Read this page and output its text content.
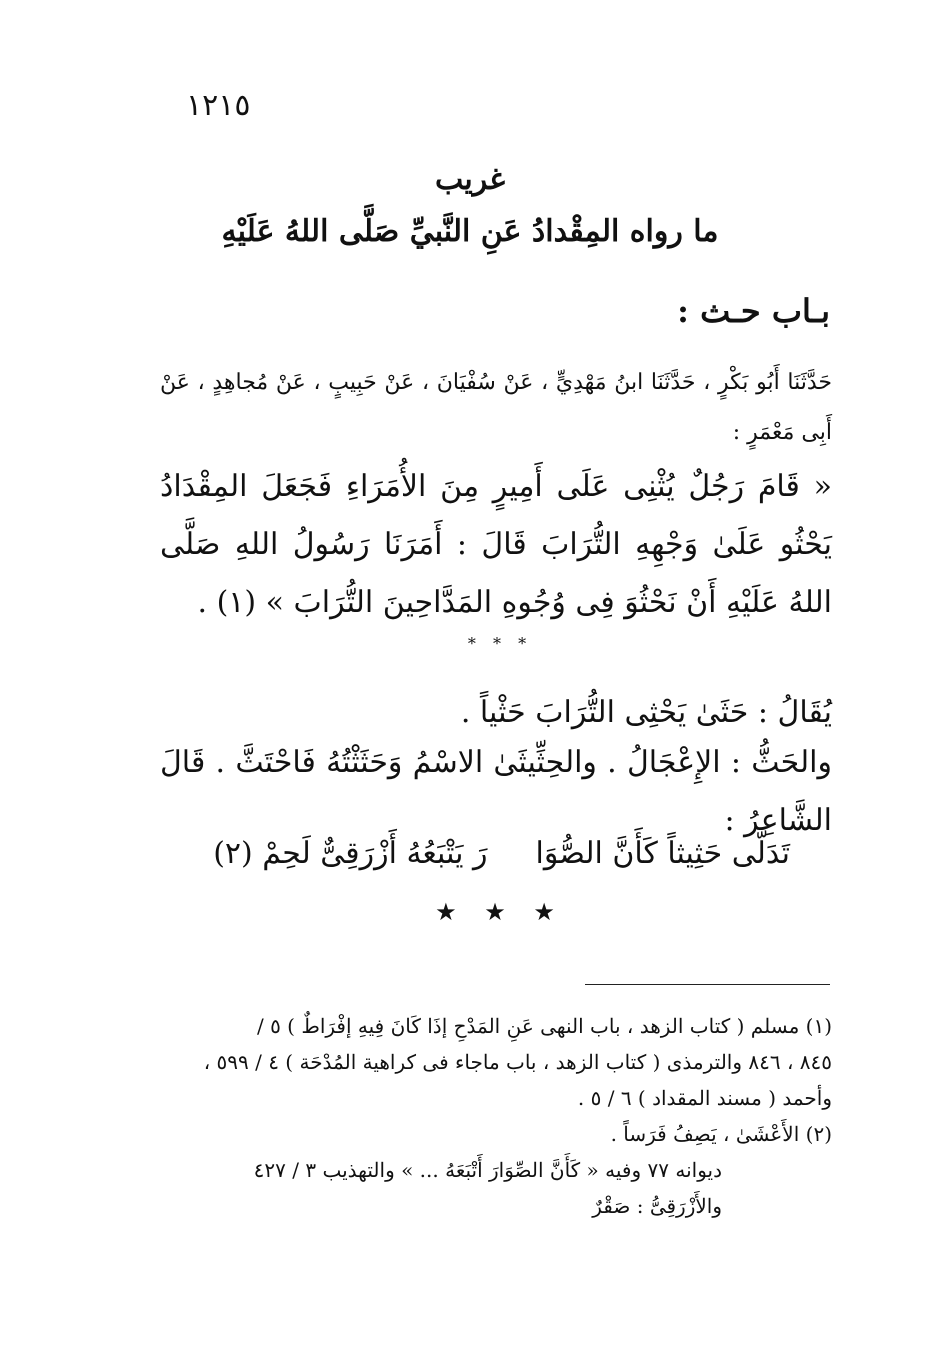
١٢١٥
غريب
ما رواه المِقْدادُ عَنِ النَّبيِّ صَلَّى اللهُ عَلَيْهِ
بـاب حـث :
حَدَّثَنَا أَبُو بَكْرٍ ، حَدَّثَنَا ابنُ مَهْدِيٍّ ، عَنْ سُفْيَانَ ، عَنْ حَبِيبٍ ، عَنْ مُجاهِدٍ ، عَنْ أَبِى مَعْمَرٍ :
« قَامَ رَجُلٌ يُثْنِى عَلَى أَمِيرٍ مِنَ الأُمَرَاءِ فَجَعَلَ المِقْدَادُ يَحْثُو عَلَىٰ وَجْهِهِ التُّرَابَ قَالَ : أَمَرَنَا رَسُولُ اللهِ صَلَّى اللهُ عَلَيْهِ أَنْ نَحْثُوَ فِى وُجُوهِ المَدَّاحِينَ التُّرَابَ » (١) .
* * *
يُقَالُ : حَثَىٰ يَحْثِى التُّرَابَ حَثْياً .
والحَثُّ : الإِعْجَالُ . والحِثِّيثَىٰ الاسْمُ وَحَثَثْتُهُ فَاحْتَثَّ . قَالَ الشَّاعِرُ :
تَدَلَّى حَثِيثاً كَأَنَّ الصُّوَا
رَ يَتْبَعُهُ أَزْرَقِىٌّ لَحِمْ (٢)
★ ★ ★

(١) مسلم ( كتاب الزهد ، باب النهى عَنِ المَدْحِ إذَا كَانَ فِيهِ إفْرَاطٌ ) ٥ /

٨٤٥ ، ٨٤٦ والترمذى ( كتاب الزهد ، باب ماجاء فى كراهية المُدْحَة ) ٤ / ٥٩٩ ،

وأحمد ( مسند المقداد ) ٦ / ٥ .

(٢) الأَعْشَىٰ ، يَصِفُ فَرَساً .

ديوانه ٧٧ وفيه « كَأَنَّ الصِّوَارَ أَتْبَعَهُ ... » والتهذيب ٣ / ٤٢٧

والأَزْرَقِىُّ : صَقْرٌ
